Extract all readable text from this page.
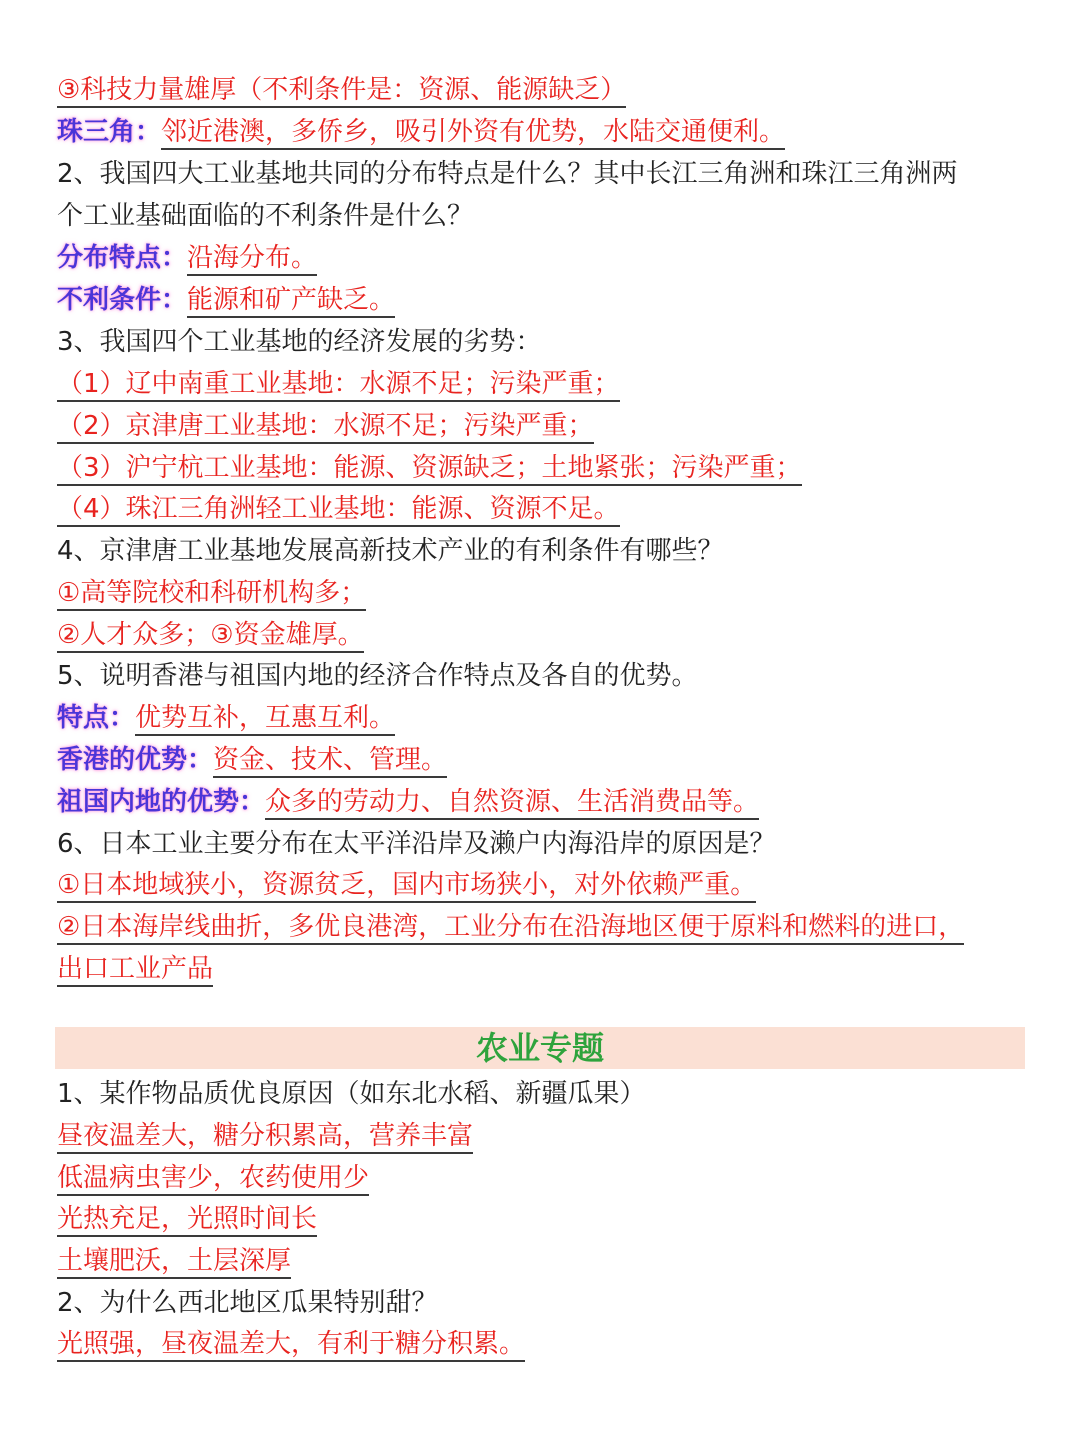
③科技力量雄厚（不利条件是：资源、能源缺乏）
珠三角：邻近港澳，多侨乡，吸引外资有优势，水陆交通便利。
2、我国四大工业基地共同的分布特点是什么？其中长江三角洲和珠江三角洲两
个工业基础面临的不利条件是什么？
分布特点：沿海分布。
不利条件：能源和矿产缺乏。
3、我国四个工业基地的经济发展的劣势：
（1）辽中南重工业基地：水源不足；污染严重；
（2）京津唐工业基地：水源不足；污染严重；
（3）沪宁杭工业基地：能源、资源缺乏；土地紧张；污染严重；
（4）珠江三角洲轻工业基地：能源、资源不足。
4、京津唐工业基地发展高新技术产业的有利条件有哪些？
①高等院校和科研机构多；
②人才众多；③资金雄厚。
5、说明香港与祖国内地的经济合作特点及各自的优势。
特点：优势互补，互惠互利。
香港的优势：资金、技术、管理。
祖国内地的优势：众多的劳动力、自然资源、生活消费品等。
6、日本工业主要分布在太平洋沿岸及濑户内海沿岸的原因是？
①日本地域狭小，资源贫乏，国内市场狭小，对外依赖严重。
②日本海岸线曲折，多优良港湾，工业分布在沿海地区便于原料和燃料的进口，
出口工业产品
农业专题
1、某作物品质优良原因（如东北水稻、新疆瓜果）
昼夜温差大，糖分积累高，营养丰富
低温病虫害少，农药使用少
光热充足，光照时间长
土壤肥沃，土层深厚
2、为什么西北地区瓜果特别甜？
光照强，昼夜温差大，有利于糖分积累。
